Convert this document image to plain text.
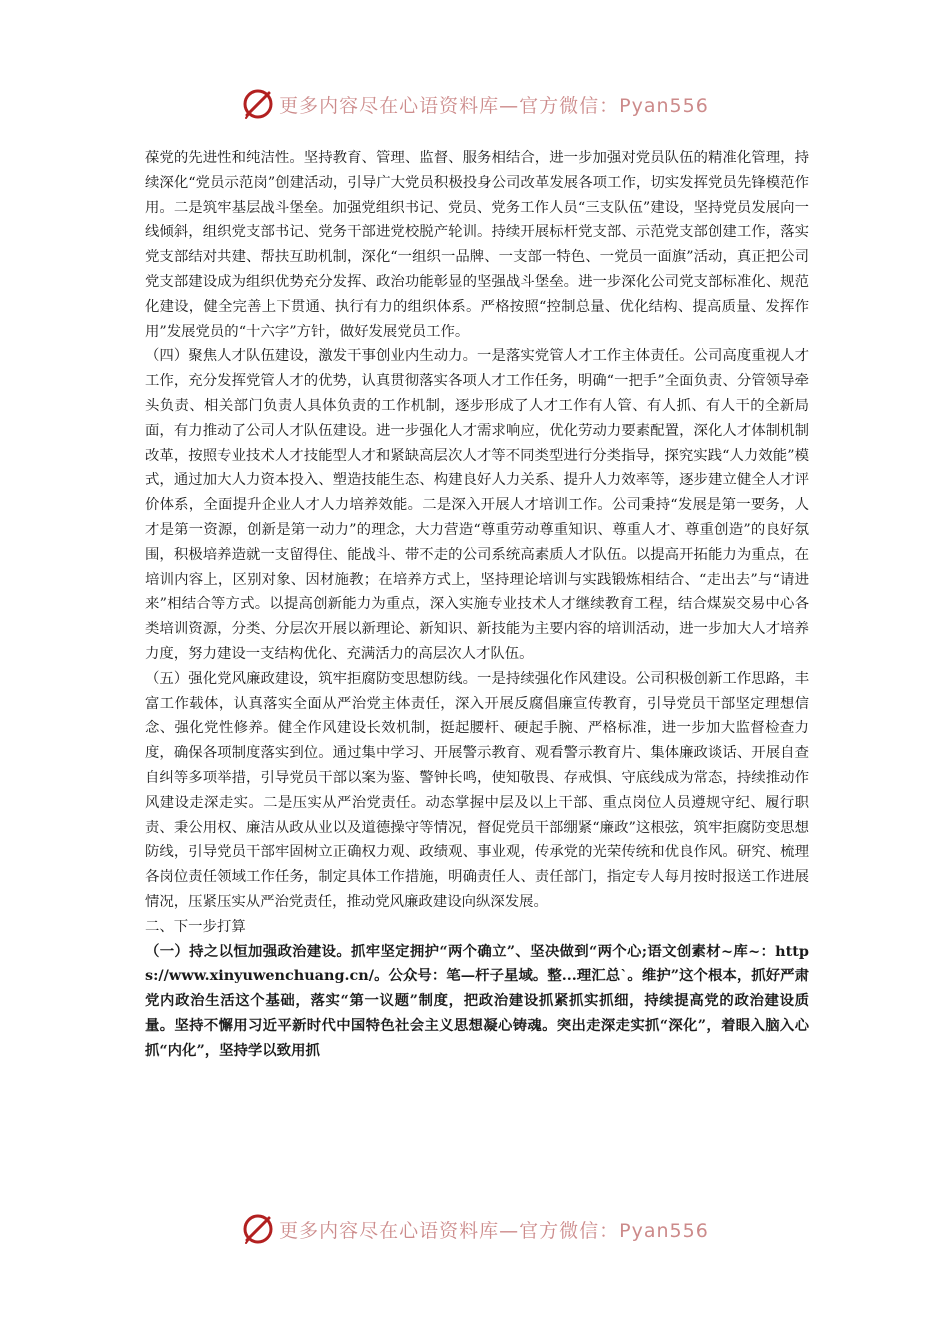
更多内容尽在心语资料库—官方微信：Pyan556

葆党的先进性和纯洁性。坚持教育、管理、监督、服务相结合，进一步加强对党员队伍的精准化管理，持续深化“党员示范岗”创建活动，引导广大党员积极投身公司改革发展各项工作，切实发挥党员先锋模范作用。二是筑牢基层战斗堡垒。加强党组织书记、党员、党务工作人员“三支队伍”建设，坚持党员发展向一线倾斜，组织党支部书记、党务干部进党校脱产轮训。持续开展标杆党支部、示范党支部创建工作，落实党支部结对共建、帮扶互助机制，深化“一组织一品牌、一支部一特色、一党员一面旗”活动，真正把公司党支部建设成为组织优势充分发挥、政治功能彰显的坚强战斗堡垒。进一步深化公司党支部标准化、规范化建设，健全完善上下贯通、执行有力的组织体系。严格按照“控制总量、优化结构、提高质量、发挥作用”发展党员的“十六字”方针，做好发展党员工作。

（四）聚焦人才队伍建设，激发干事创业内生动力。一是落实党管人才工作主体责任。公司高度重视人才工作，充分发挥党管人才的优势，认真贯彻落实各项人才工作任务，明确“一把手”全面负责、分管领导牵头负责、相关部门负责人具体负责的工作机制，逐步形成了人才工作有人管、有人抓、有人干的全新局面，有力推动了公司人才队伍建设。进一步强化人才需求响应，优化劳动力要素配置，深化人才体制机制改革，按照专业技术人才技能型人才和紧缺高层次人才等不同类型进行分类指导，探究实践“人力效能”模式，通过加大人力资本投入、塑造技能生态、构建良好人力关系、提升人力效率等，逐步建立健全人才评价体系，全面提升企业人才人力培养效能。二是深入开展人才培训工作。公司秉持“发展是第一要务，人才是第一资源，创新是第一动力”的理念，大力营造“尊重劳动尊重知识、尊重人才、尊重创造”的良好氛围，积极培养造就一支留得住、能战斗、带不走的公司系统高素质人才队伍。以提高开拓能力为重点，在培训内容上，区别对象、因材施教；在培养方式上，坚持理论培训与实践锻炼相结合、“走出去”与“请进来”相结合等方式。以提高创新能力为重点，深入实施专业技术人才继续教育工程，结合煤炭交易中心各类培训资源，分类、分层次开展以新理论、新知识、新技能为主要内容的培训活动，进一步加大人才培养力度，努力建设一支结构优化、充满活力的高层次人才队伍。

（五）强化党风廉政建设，筑牢拒腐防变思想防线。一是持续强化作风建设。公司积极创新工作思路，丰富工作载体，认真落实全面从严治党主体责任，深入开展反腐倡廉宣传教育，引导党员干部坚定理想信念、强化党性修养。健全作风建设长效机制，挺起腰杆、硬起手腕、严格标准，进一步加大监督检查力度，确保各项制度落实到位。通过集中学习、开展警示教育、观看警示教育片、集体廉政谈话、开展自查自纠等多项举措，引导党员干部以案为鉴、警钟长鸣，使知敬畏、存戒惧、守底线成为常态，持续推动作风建设走深走实。二是压实从严治党责任。动态掌握中层及以上干部、重点岗位人员遵规守纪、履行职责、秉公用权、廉洁从政从业以及道德操守等情况，督促党员干部绷紧“廉政”这根弦，筑牢拒腐防变思想防线，引导党员干部牢固树立正确权力观、政绩观、事业观，传承党的光荣传统和优良作风。研究、梳理各岗位责任领域工作任务，制定具体工作措施，明确责任人、责任部门，指定专人每月按时报送工作进展情况，压紧压实从严治党责任，推动党风廉政建设向纵深发展。

二、下一步打算

（一）持之以恒加强政治建设。抓牢坚定拥护“两个确立”、坚决做到“两个心;语文创素材~库~：https://www.xinyuwenchuang.cn/。公众号：笔—杆子星域。整...理汇总`。维护”这个根本，抓好严肃党内政治生活这个基础，落实“第一议题”制度，把政治建设抓紧抓实抓细，持续提高党的政治建设质量。坚持不懈用习近平新时代中国特色社会主义思想凝心铸魂。突出走深走实抓“深化”，着眼入脑入心抓“内化”，坚持学以致用抓

更多内容尽在心语资料库—官方微信：Pyan556
